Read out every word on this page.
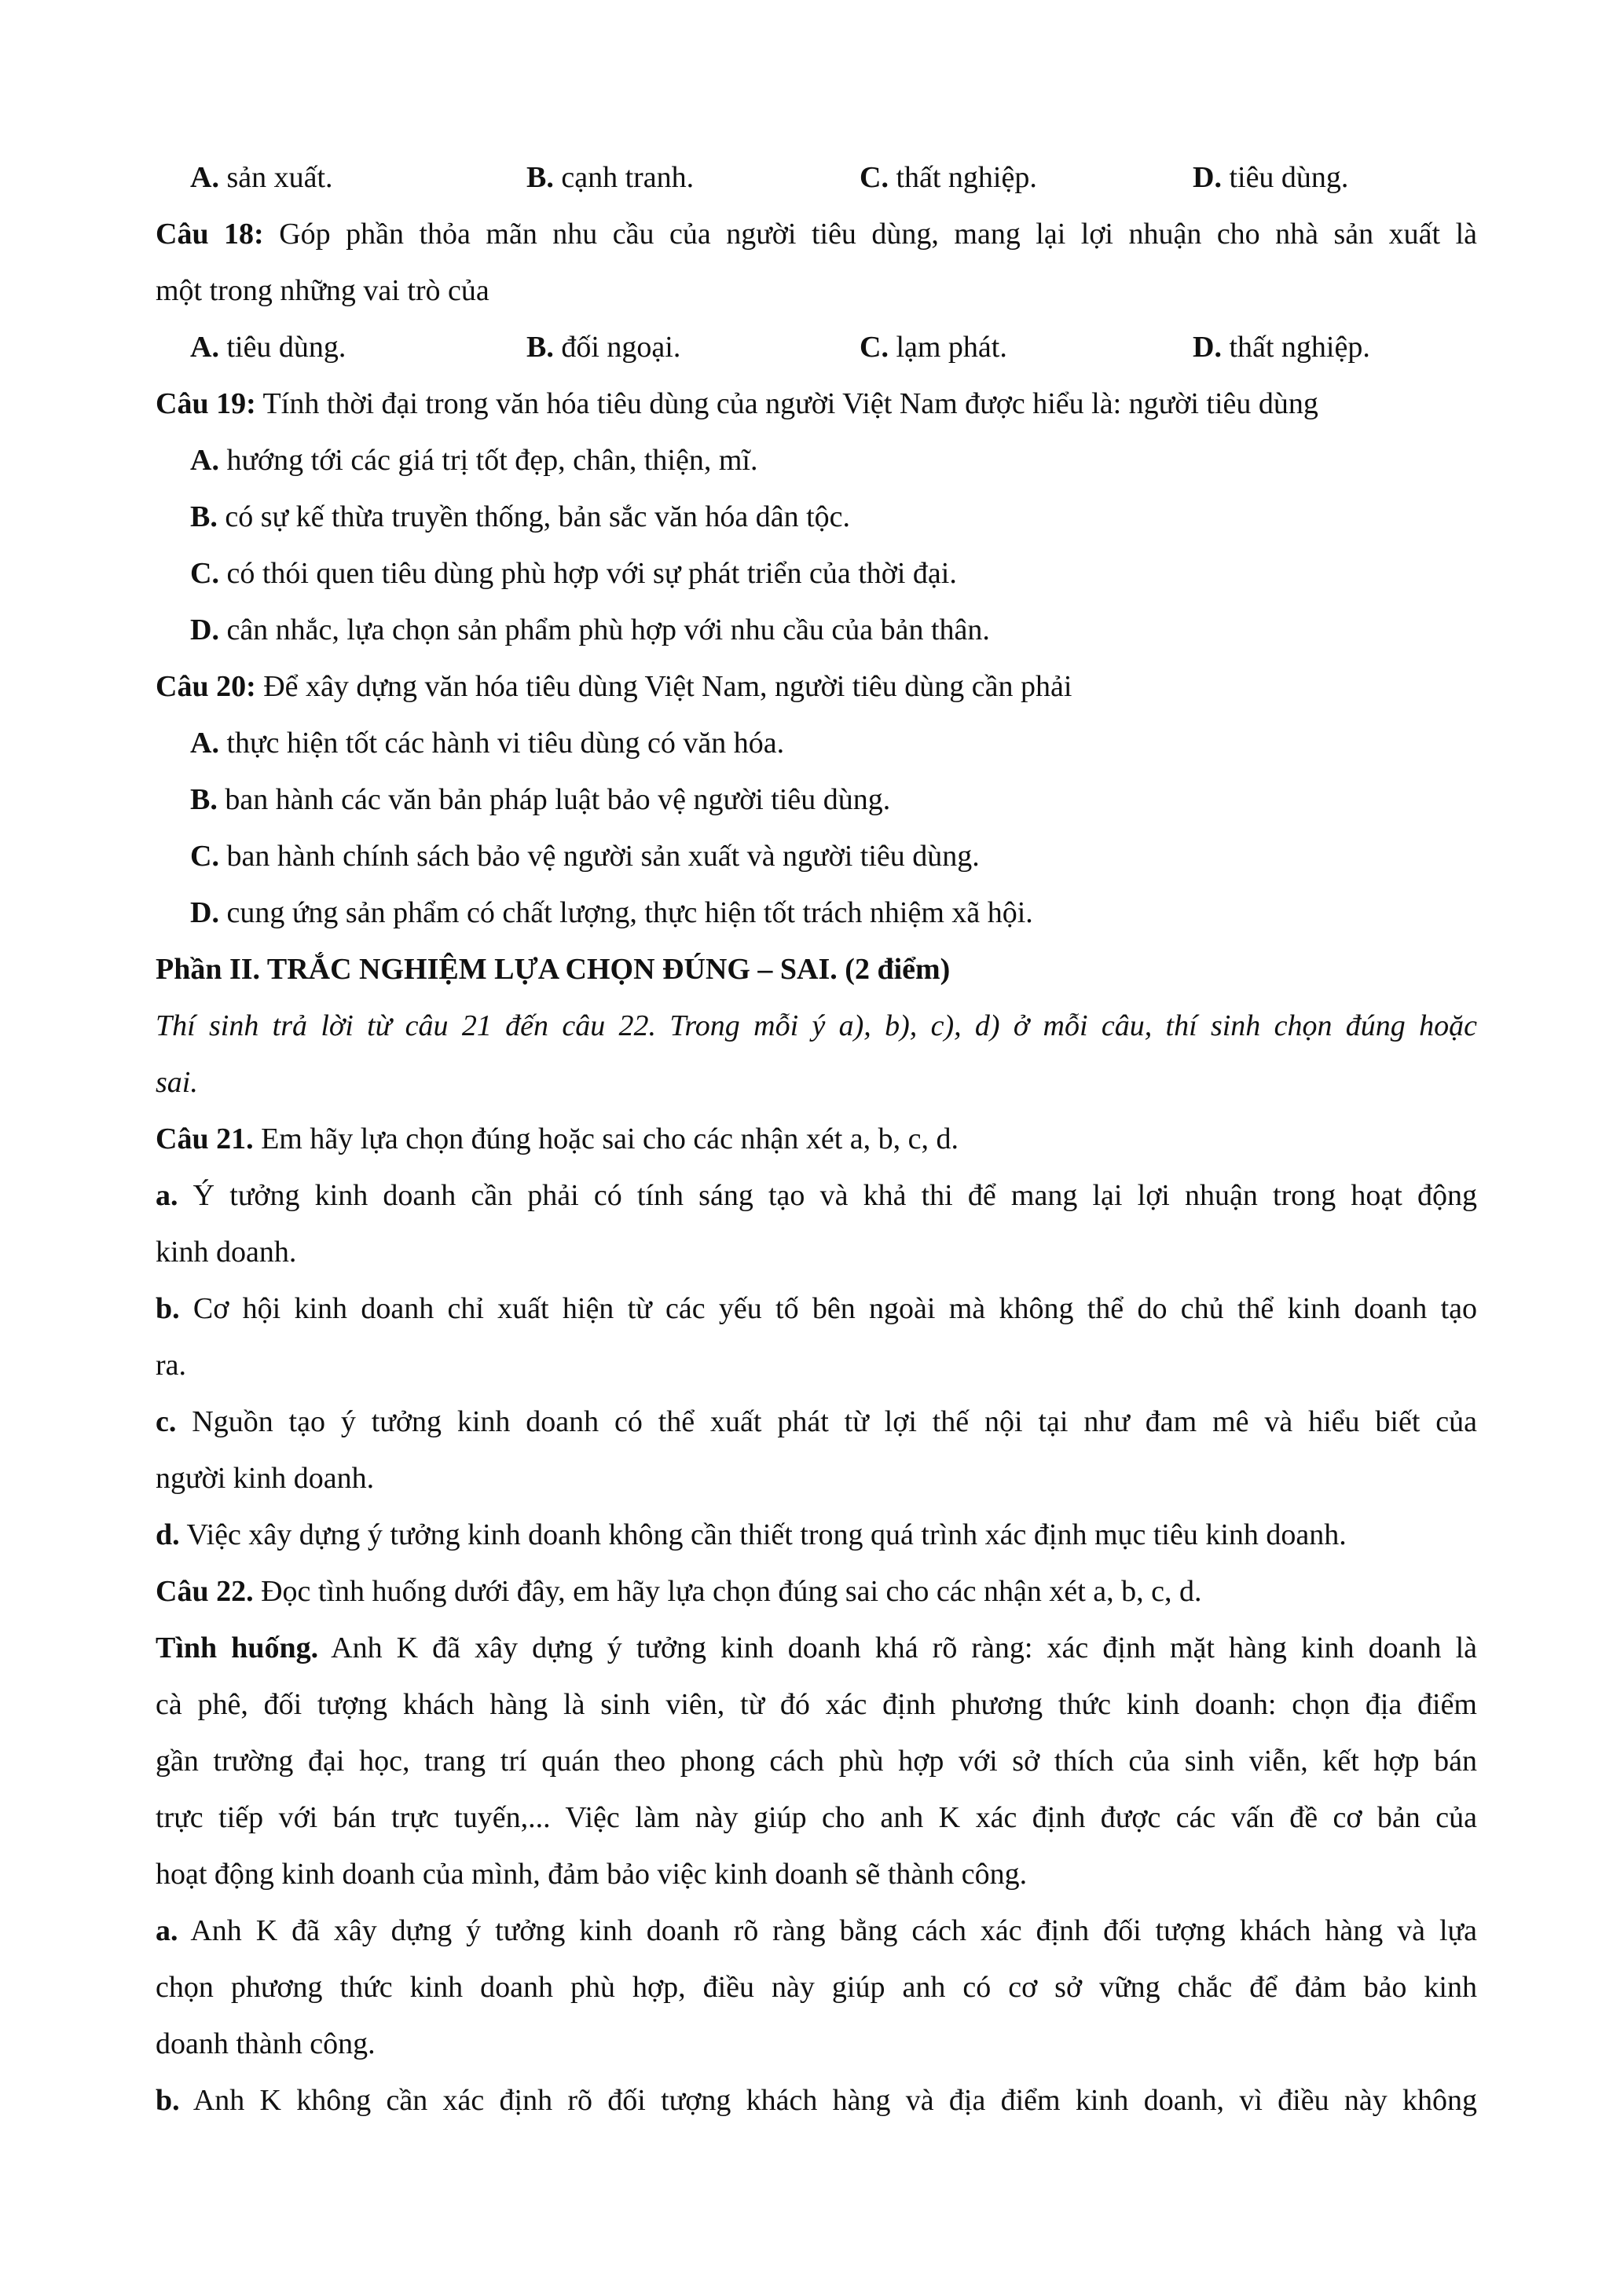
A. sản xuất.	B. cạnh tranh.	C. thất nghiệp.	D. tiêu dùng.
Câu 18: Góp phần thỏa mãn nhu cầu của người tiêu dùng, mang lại lợi nhuận cho nhà sản xuất là
một trong những vai trò của
A. tiêu dùng.	B. đối ngoại.	C. lạm phát.	D. thất nghiệp.
Câu 19: Tính thời đại trong văn hóa tiêu dùng của người Việt Nam được hiểu là: người tiêu dùng
A. hướng tới các giá trị tốt đẹp, chân, thiện, mĩ.
B. có sự kế thừa truyền thống, bản sắc văn hóa dân tộc.
C. có thói quen tiêu dùng phù hợp với sự phát triển của thời đại.
D. cân nhắc, lựa chọn sản phẩm phù hợp với nhu cầu của bản thân.
Câu 20: Để xây dựng văn hóa tiêu dùng Việt Nam, người tiêu dùng cần phải
A. thực hiện tốt các hành vi tiêu dùng có văn hóa.
B. ban hành các văn bản pháp luật bảo vệ người tiêu dùng.
C. ban hành chính sách bảo vệ người sản xuất và người tiêu dùng.
D. cung ứng sản phẩm có chất lượng, thực hiện tốt trách nhiệm xã hội.
Phần II. TRẮC NGHIỆM LỰA CHỌN ĐÚNG – SAI. (2 điểm)
Thí sinh trả lời từ câu 21 đến câu 22. Trong mỗi ý a), b), c), d) ở mỗi câu, thí sinh chọn đúng hoặc
sai.
Câu 21. Em hãy lựa chọn đúng hoặc sai cho các nhận xét a, b, c, d.
a. Ý tưởng kinh doanh cần phải có tính sáng tạo và khả thi để mang lại lợi nhuận trong hoạt động
kinh doanh.
b. Cơ hội kinh doanh chỉ xuất hiện từ các yếu tố bên ngoài mà không thể do chủ thể kinh doanh tạo
ra.
c. Nguồn tạo ý tưởng kinh doanh có thể xuất phát từ lợi thế nội tại như đam mê và hiểu biết của
người kinh doanh.
d. Việc xây dựng ý tưởng kinh doanh không cần thiết trong quá trình xác định mục tiêu kinh doanh.
Câu 22. Đọc tình huống dưới đây, em hãy lựa chọn đúng sai cho các nhận xét a, b, c, d.
Tình huống. Anh K đã xây dựng ý tưởng kinh doanh khá rõ ràng: xác định mặt hàng kinh doanh là
cà phê, đối tượng khách hàng là sinh viên, từ đó xác định phương thức kinh doanh: chọn địa điểm
gần trường đại học, trang trí quán theo phong cách phù hợp với sở thích của sinh viễn, kết hợp bán
trực tiếp với bán trực tuyến,... Việc làm này giúp cho anh K xác định được các vấn đề cơ bản của
hoạt động kinh doanh của mình, đảm bảo việc kinh doanh sẽ thành công.
a. Anh K đã xây dựng ý tưởng kinh doanh rõ ràng bằng cách xác định đối tượng khách hàng và lựa
chọn phương thức kinh doanh phù hợp, điều này giúp anh có cơ sở vững chắc để đảm bảo kinh
doanh thành công.
b. Anh K không cần xác định rõ đối tượng khách hàng và địa điểm kinh doanh, vì điều này không
